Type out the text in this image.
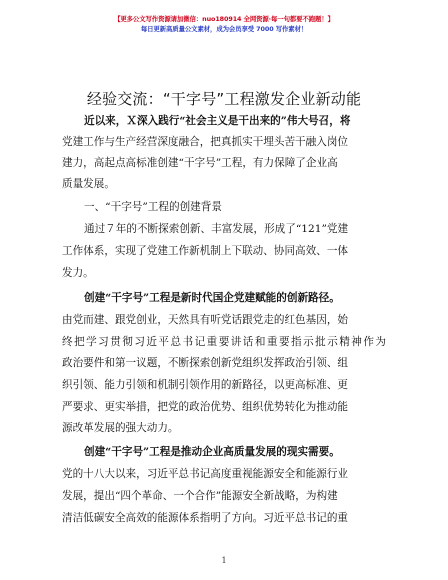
【更多公文写作资源请加微信：nuo180914 全网资源·每一句都要不跑题！】
每日更新高质量公文素材，成为会员享受 7000 写作素材！
经验交流：“干字号”工程激发企业新动能
近以来，Ｘ深入践行“社会主义是干出来的”伟大号召，将
党建工作与生产经营深度融合，把真抓实干埋头苦干融入岗位
建力，高起点高标准创建“干字号”工程，有力保障了企业高
质量发展。
一、“干字号”工程的创建背景
通过７年的不断探索创新、丰富发展，形成了“121”党建
工作体系，实现了党建工作新机制上下联动、协同高效、一体
发力。
创建“干字号”工程是新时代国企党建赋能的创新路径。
由党而建、跟党创业，天然具有听党话跟党走的红色基因，始
终把学习贯彻习近平总书记重要讲话和重要指示批示精神作为
政治要件和第一议题，不断探索创新党组织发挥政治引领、组
织引领、能力引领和机制引领作用的新路径，以更高标准、更
严要求、更实举措，把党的政治优势、组织优势转化为推动能
源改革发展的强大动力。
创建“干字号”工程是推动企业高质量发展的现实需要。
党的十八大以来，习近平总书记高度重视能源安全和能源行业
发展，提出“四个革命、一个合作”能源安全新战略，为构建
清洁低碳安全高效的能源体系指明了方向。习近平总书记的重
1
